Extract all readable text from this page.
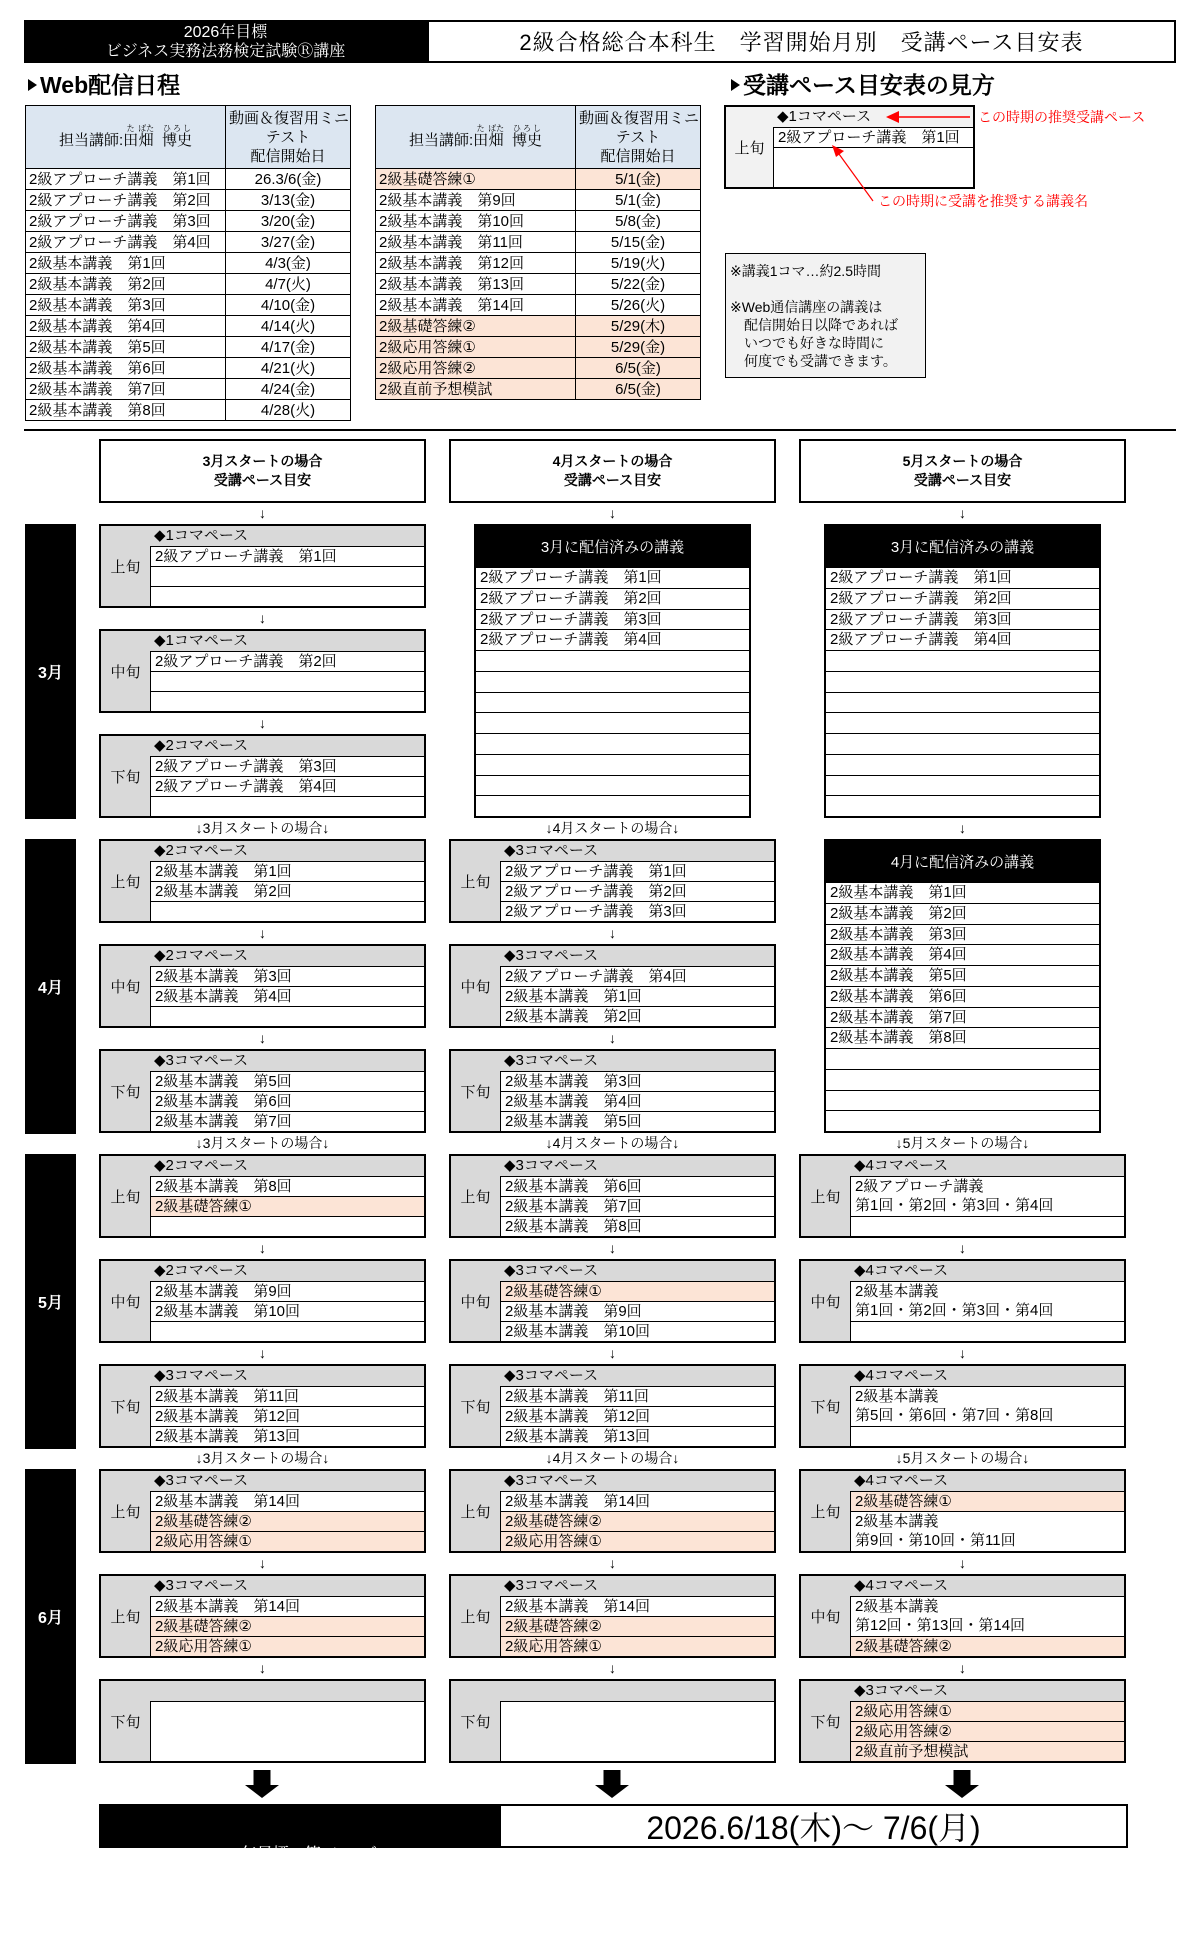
2026年目標
ビジネス実務法務検定試験Ⓡ講座	2級合格総合本科生　学習開始月別　受講ペース目安表
Web配信日程
担当講師:田た畑ばた  博史ひろし	動画＆復習用ミニ
テスト
配信開始日

2級アプローチ講義　第1回	26.3/6(金)
2級アプローチ講義　第2回	3/13(金)
2級アプローチ講義　第3回	3/20(金)
2級アプローチ講義　第4回	3/27(金)
2級基本講義　第1回	4/3(金)
2級基本講義　第2回	4/7(火)
2級基本講義　第3回	4/10(金)
2級基本講義　第4回	4/14(火)
2級基本講義　第5回	4/17(金)
2級基本講義　第6回	4/21(火)
2級基本講義　第7回	4/24(金)
2級基本講義　第8回	4/28(火)
担当講師:田た畑ばた  博史ひろし	動画＆復習用ミニ
テスト
配信開始日

2級基礎答練①	5/1(金)
2級基本講義　第9回	5/1(金)
2級基本講義　第10回	5/8(金)
2級基本講義　第11回	5/15(金)
2級基本講義　第12回	5/19(火)
2級基本講義　第13回	5/22(金)
2級基本講義　第14回	5/26(火)
2級基礎答練②	5/29(木)
2級応用答練①	5/29(金)
2級応用答練②	6/5(金)
2級直前予想模試	6/5(金)
受講ペース目安表の見方
上旬
◆1コマペース
2級アプローチ講義　第1回
この時期の推奨受講ペース
この時期に受講を推奨する講義名
※講義1コマ…約2.5時間
※Web通信講座の講義は
配信開始日以降であれば
いつでも好きな時間に
何度でも受講できます。
3月スタートの場合
受講ペース目安
4月スタートの場合
受講ペース目安
5月スタートの場合
受講ペース目安
↓	↓	↓
3月
4月
5月
6月
上旬
◆1コマペース
2級アプローチ講義　第1回
↓
中旬
◆1コマペース
2級アプローチ講義　第2回
↓
下旬
◆2コマペース
2級アプローチ講義　第3回
2級アプローチ講義　第4回
↓3月スタートの場合↓
上旬
◆2コマペース
2級基本講義　第1回
2級基本講義　第2回
↓
中旬
◆2コマペース
2級基本講義　第3回
2級基本講義　第4回
↓
下旬
◆3コマペース
2級基本講義　第5回
2級基本講義　第6回
2級基本講義　第7回
↓3月スタートの場合↓
上旬
◆2コマペース
2級基本講義　第8回
2級基礎答練①
↓
中旬
◆2コマペース
2級基本講義　第9回
2級基本講義　第10回
↓
下旬
◆3コマペース
2級基本講義　第11回
2級基本講義　第12回
2級基本講義　第13回
↓3月スタートの場合↓
上旬
◆3コマペース
2級基本講義　第14回
2級基礎答練②
2級応用答練①
↓
上旬
◆3コマペース
2級基本講義　第14回
2級基礎答練②
2級応用答練①
↓
下旬
3月に配信済みの講義
2級アプローチ講義　第1回
2級アプローチ講義　第2回
2級アプローチ講義　第3回
2級アプローチ講義　第4回
↓4月スタートの場合↓
上旬
◆3コマペース
2級アプローチ講義　第1回
2級アプローチ講義　第2回
2級アプローチ講義　第3回
↓
中旬
◆3コマペース
2級アプローチ講義　第4回
2級基本講義　第1回
2級基本講義　第2回
↓
下旬
◆3コマペース
2級基本講義　第3回
2級基本講義　第4回
2級基本講義　第5回
↓4月スタートの場合↓
上旬
◆3コマペース
2級基本講義　第6回
2級基本講義　第7回
2級基本講義　第8回
↓
中旬
◆3コマペース
2級基礎答練①
2級基本講義　第9回
2級基本講義　第10回
↓
下旬
◆3コマペース
2級基本講義　第11回
2級基本講義　第12回
2級基本講義　第13回
↓4月スタートの場合↓
上旬
◆3コマペース
2級基本講義　第14回
2級基礎答練②
2級応用答練①
↓
上旬
◆3コマペース
2級基本講義　第14回
2級基礎答練②
2級応用答練①
↓
下旬
3月に配信済みの講義
2級アプローチ講義　第1回
2級アプローチ講義　第2回
2級アプローチ講義　第3回
2級アプローチ講義　第4回
↓
4月に配信済みの講義
2級基本講義　第1回
2級基本講義　第2回
2級基本講義　第3回
2級基本講義　第4回
2級基本講義　第5回
2級基本講義　第6回
2級基本講義　第7回
2級基本講義　第8回
↓5月スタートの場合↓
上旬
◆4コマペース
2級アプローチ講義
第1回・第2回・第3回・第4回
↓
中旬
◆4コマペース
2級基本講義
第1回・第2回・第3回・第4回
↓
下旬
◆4コマペース
2級基本講義
第5回・第6回・第7回・第8回
↓5月スタートの場合↓
上旬
◆4コマペース
2級基礎答練①
2級基本講義
第9回・第10回・第11回
↓
中旬
◆4コマペース
2級基本講義
第12回・第13回・第14回
2級基礎答練②
↓
下旬
◆3コマペース
2級応用答練①
2級応用答練②
2級直前予想模試

2026年目標　第1シーズン

ビジネス実務法務検定試験Ⓡ　試験期間

2026.6/18(木)～ 7/6(月)
